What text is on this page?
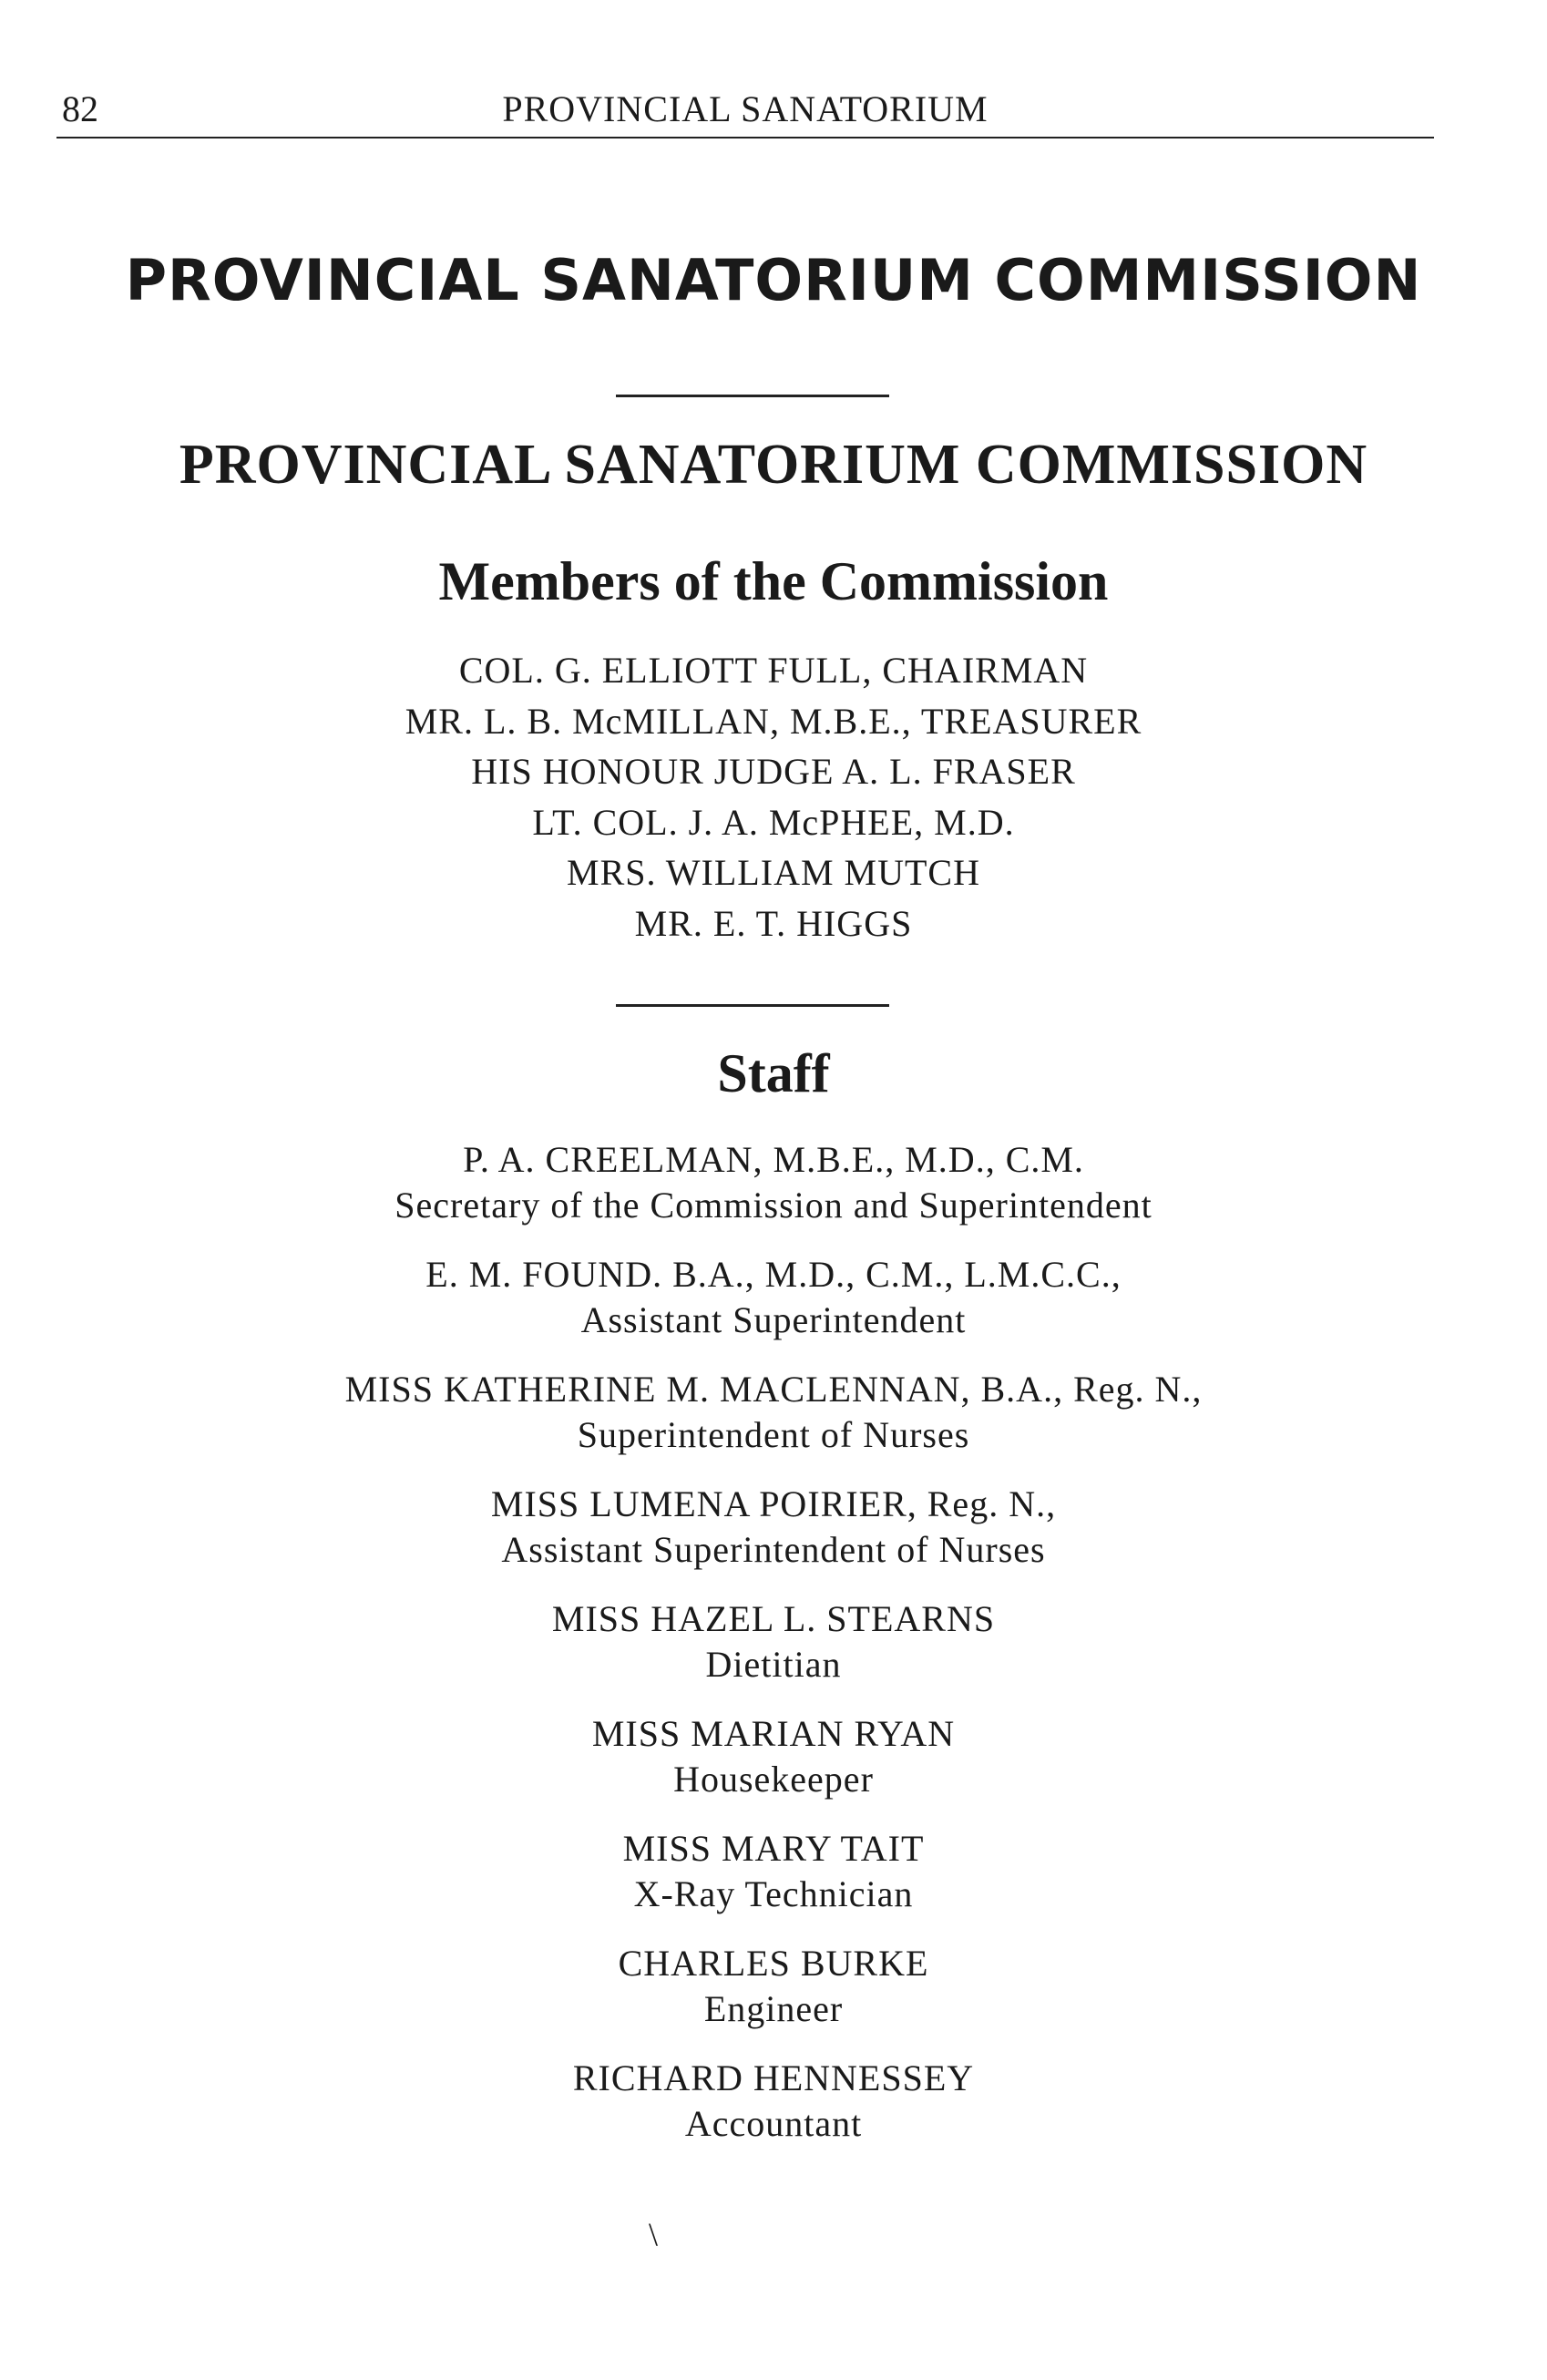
82	PROVINCIAL SANATORIUM
PROVINCIAL SANATORIUM COMMISSION
PROVINCIAL SANATORIUM COMMISSION
Members of the Commission
COL. G. ELLIOTT FULL, CHAIRMAN
MR. L. B. McMILLAN, M.B.E., TREASURER
HIS HONOUR JUDGE A. L. FRASER
LT. COL. J. A. McPHEE, M.D.
MRS. WILLIAM MUTCH
MR. E. T. HIGGS
Staff
P. A. CREELMAN, M.B.E., M.D., C.M.
Secretary of the Commission and Superintendent
E. M. FOUND. B.A., M.D., C.M., L.M.C.C.,
Assistant Superintendent
MISS KATHERINE M. MACLENNAN, B.A., Reg. N.,
Superintendent of Nurses
MISS LUMENA POIRIER, Reg. N.,
Assistant Superintendent of Nurses
MISS HAZEL L. STEARNS
Dietitian
MISS MARIAN RYAN
Housekeeper
MISS MARY TAIT
X-Ray Technician
CHARLES BURKE
Engineer
RICHARD HENNESSEY
Accountant
\
